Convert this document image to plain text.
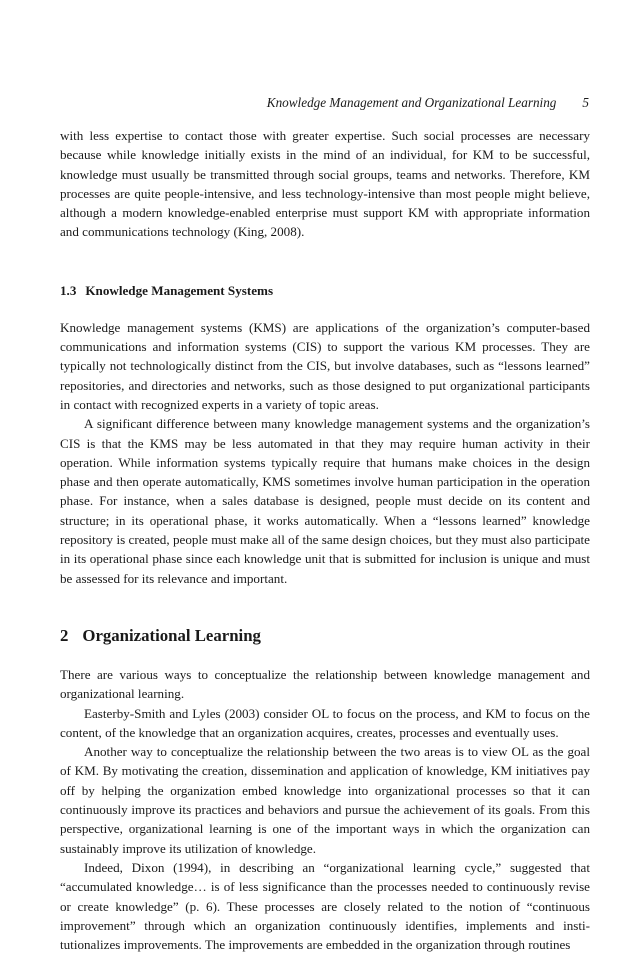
Knowledge Management and Organizational Learning 5

with less expertise to contact those with greater expertise. Such social processes are necessary because while knowledge initially exists in the mind of an individual, for KM to be successful, knowledge must usually be transmitted through social groups, teams and networks. Therefore, KM processes are quite people-intensive, and less technology-intensive than most people might believe, although a modern knowledge-enabled enterprise must support KM with appropriate information and communications technology (King, 2008).

1.3 Knowledge Management Systems

Knowledge management systems (KMS) are applications of the organization’s computer-based communications and information systems (CIS) to support the various KM processes. They are typically not technologically distinct from the CIS, but involve databases, such as “lessons learned” repositories, and directories and networks, such as those designed to put organizational participants in contact with recognized experts in a variety of topic areas.

A significant difference between many knowledge management systems and the organization’s CIS is that the KMS may be less automated in that they may require human activity in their operation. While information systems typically require that humans make choices in the design phase and then operate automatically, KMS sometimes involve human participation in the operation phase. For instance, when a sales database is designed, people must decide on its content and structure; in its operational phase, it works automatically. When a “lessons learned” knowledge repository is created, people must make all of the same design choices, but they must also participate in its operational phase since each knowledge unit that is submitted for inclusion is unique and must be assessed for its relevance and important.

2 Organizational Learning

There are various ways to conceptualize the relationship between knowledge management and organizational learning.

Easterby-Smith and Lyles (2003) consider OL to focus on the process, and KM to focus on the content, of the knowledge that an organization acquires, creates, processes and eventually uses.

Another way to conceptualize the relationship between the two areas is to view OL as the goal of KM. By motivating the creation, dissemination and application of knowledge, KM initiatives pay off by helping the organization embed knowledge into organizational processes so that it can continuously improve its practices and behaviors and pursue the achievement of its goals. From this perspective, organizational learning is one of the important ways in which the organization can sustainably improve its utilization of knowledge.

Indeed, Dixon (1994), in describing an “organizational learning cycle,” suggested that “accumulated knowledge… is of less significance than the processes needed to continuously revise or create knowledge” (p. 6). These processes are closely related to the notion of “continuous improvement” through which an organization continuously identifies, implements and institutionalizes improvements. The improvements are embedded in the organization through routines
